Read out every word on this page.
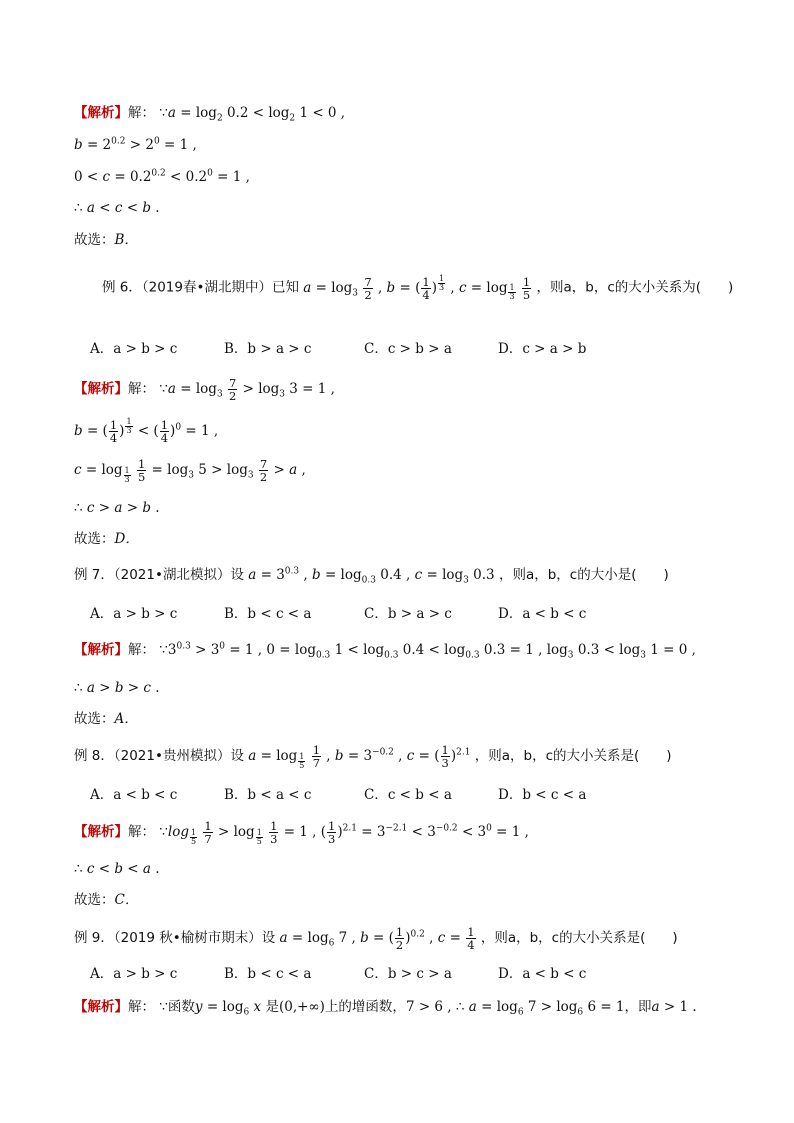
【解析】解： ∵a = $\log_2 0.2 < \log_2 1 < 0$ ,
$b = 2^{0.2} > 2^0 = 1$ ,
$0 < c = 0.2^{0.2} < 0.2^0 = 1$ ,
∴ a < c < b .
故选：B．
例 6．（2019春•湖北期中）已知 $a = \log_3 \frac{7}{2}$ , b = ( $\frac{1}{4}$ ) $^{\frac{1}{3}}$ , c = log $_{\frac{1}{3}}$
$\frac{1}{5}$ ，则a，b，c的大小关系为(　　)
A．a > b > c	B．b > a > c	C．c > b > a	D．c > a > b
【解析】解： ∵a = $\log_3 \frac{7}{2} > \log_3 3 = 1$ ,
b = ( $\frac{1}{4}$ ) $^{\frac{1}{3}}$ < ( $\frac{1}{4} )^0 = 1$ ,
c = log $_{\frac{1}{3}}$
$\frac{1}{5} = \log_3 5 > \log_3 \frac{7}{2} > a$ ,
∴ c > a > b .
故选：D．
例 7．（2021•湖北模拟）设 $a = 3^{0.3}$ , $b = \log_{0.3} 0.4$ , $c = \log_3 0.3$ ，则a，b，c的大小是(　　)
A．a > b > c	B．b < c < a	C．b > a > c	D．a < b < c
【解析】解： $\because 3^{0.3} > 3^0 = 1$ , $0 = \log_{0.3} 1 < \log_{0.3} 0.4 < \log_{0.3} 0.3 = 1$ , $\log_3 0.3 < \log_3 1 = 0$ ,
∴ a > b > c .
故选：A．
例 8．（2021•贵州模拟）设 a = log $_{\frac{1}{5}}$
$\frac{1}{7}$ , $b = 3^{-0.2}$ , c = ( $\frac{1}{3} )^{2.1}$ ，则a，b，c的大小关系是(　　)
A．a < b < c	B．b < a < c	C．c < b < a	D．b < c < a
【解析】解： ∵log $_{\frac{1}{5}}$
$\frac{1}{7} > \log _{\frac{1}{5}}$
$\frac{1}{3} = 1$ , ( $\frac{1}{3} )^{2.1} = 3^{-2.1} < 3^{-0.2} < 3^0 = 1$ ,
∴ c < b < a .
故选：C．
例 9．（2019 秋•榆树市期末）设 $a = \log_6 7$ , b = ( $\frac{1}{2} )^{0.2}$ , $c = \frac{1}{4}$ ，则a，b，c的大小关系是(　　)
A．a > b > c	B．b < c < a	C．b > c > a	D．a < b < c
【解析】解： ∵函数$y = \log_6 x$ 是(0,+∞)上的增函数，7 > 6 , ∴ $a = \log_6 7 > \log_6 6 = 1$，即a > 1 .
